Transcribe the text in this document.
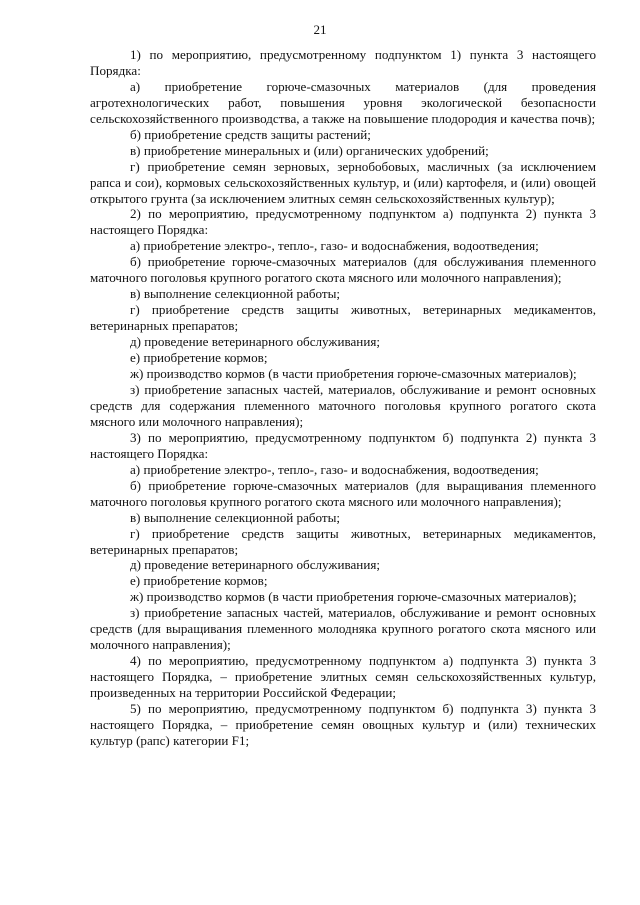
21

1) по мероприятию, предусмотренному подпунктом 1) пункта 3 настоящего Порядка:

а) приобретение горюче-смазочных материалов (для проведения агротехнологических работ, повышения уровня экологической безопасности сельскохозяйственного производства, а также на повышение плодородия и качества почв);

б) приобретение средств защиты растений;

в) приобретение минеральных и (или) органических удобрений;

г) приобретение семян зерновых, зернобобовых, масличных (за исключением рапса и сои), кормовых сельскохозяйственных культур, и (или) картофеля, и (или) овощей открытого грунта (за исключением элитных семян сельскохозяйственных культур);

2) по мероприятию, предусмотренному подпунктом а) подпункта 2) пункта 3 настоящего Порядка:

а) приобретение электро-, тепло-, газо- и водоснабжения, водоотведения;

б) приобретение горюче-смазочных материалов (для обслуживания племенного маточного поголовья крупного рогатого скота мясного или молочного направления);

в) выполнение селекционной работы;

г) приобретение средств защиты животных, ветеринарных медикаментов, ветеринарных препаратов;

д) проведение ветеринарного обслуживания;

е) приобретение кормов;

ж) производство кормов (в части приобретения горюче-смазочных материалов);

з) приобретение запасных частей, материалов, обслуживание и ремонт основных средств для содержания племенного маточного поголовья крупного рогатого скота мясного или молочного направления);

3) по мероприятию, предусмотренному подпунктом б) подпункта 2) пункта 3 настоящего Порядка:

а) приобретение электро-, тепло-, газо- и водоснабжения, водоотведения;

б) приобретение горюче-смазочных материалов (для выращивания племенного маточного поголовья крупного рогатого скота мясного или молочного направления);

в) выполнение селекционной работы;

г) приобретение средств защиты животных, ветеринарных медикаментов, ветеринарных препаратов;

д) проведение ветеринарного обслуживания;

е) приобретение кормов;

ж) производство кормов (в части приобретения горюче-смазочных материалов);

з) приобретение запасных частей, материалов, обслуживание и ремонт основных средств (для выращивания племенного молодняка крупного рогатого скота мясного или молочного направления);

4) по мероприятию, предусмотренному подпунктом а) подпункта 3) пункта 3 настоящего Порядка, – приобретение элитных семян сельскохозяйственных культур, произведенных на территории Российской Федерации;

5) по мероприятию, предусмотренному подпунктом б) подпункта 3) пункта 3 настоящего Порядка, – приобретение семян овощных культур и (или) технических культур (рапс) категории F1;
